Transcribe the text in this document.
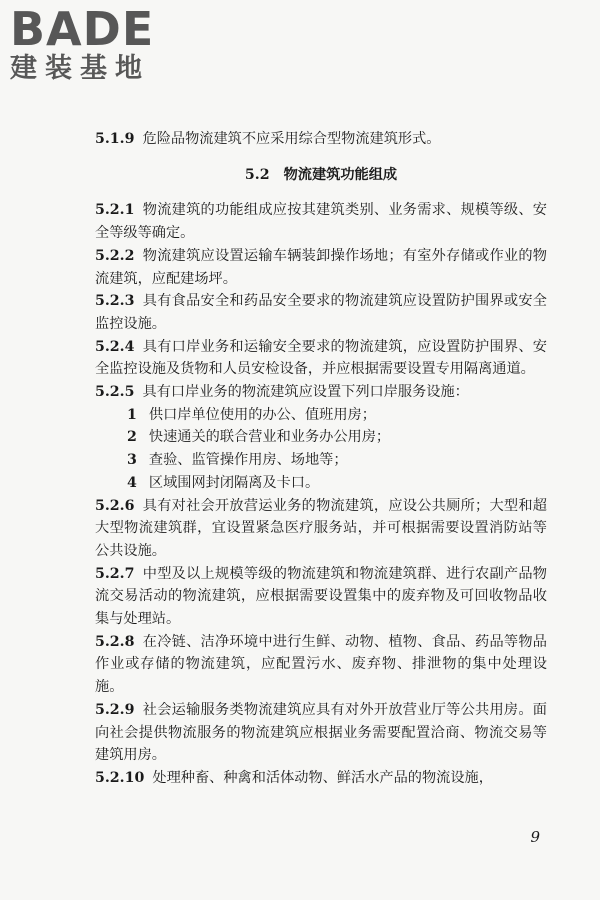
BADE
建装基地

5.1.9 危险品物流建筑不应采用综合型物流建筑形式。

5.2 物流建筑功能组成

5.2.1 物流建筑的功能组成应按其建筑类别、业务需求、规模等级、安全等级等确定。

5.2.2 物流建筑应设置运输车辆装卸操作场地；有室外存储或作业的物流建筑，应配建场坪。

5.2.3 具有食品安全和药品安全要求的物流建筑应设置防护围界或安全监控设施。

5.2.4 具有口岸业务和运输安全要求的物流建筑，应设置防护围界、安全监控设施及货物和人员安检设备，并应根据需要设置专用隔离通道。

5.2.5 具有口岸业务的物流建筑应设置下列口岸服务设施：

1 供口岸单位使用的办公、值班用房；

2 快速通关的联合营业和业务办公用房；

3 查验、监管操作用房、场地等；

4 区域围网封闭隔离及卡口。

5.2.6 具有对社会开放营运业务的物流建筑，应设公共厕所；大型和超大型物流建筑群，宜设置紧急医疗服务站，并可根据需要设置消防站等公共设施。

5.2.7 中型及以上规模等级的物流建筑和物流建筑群、进行农副产品物流交易活动的物流建筑，应根据需要设置集中的废弃物及可回收物品收集与处理站。

5.2.8 在冷链、洁净环境中进行生鲜、动物、植物、食品、药品等物品作业或存储的物流建筑，应配置污水、废弃物、排泄物的集中处理设施。

5.2.9 社会运输服务类物流建筑应具有对外开放营业厅等公共用房。面向社会提供物流服务的物流建筑应根据业务需要配置洽商、物流交易等建筑用房。

5.2.10 处理种畜、种禽和活体动物、鲜活水产品的物流设施，

9
